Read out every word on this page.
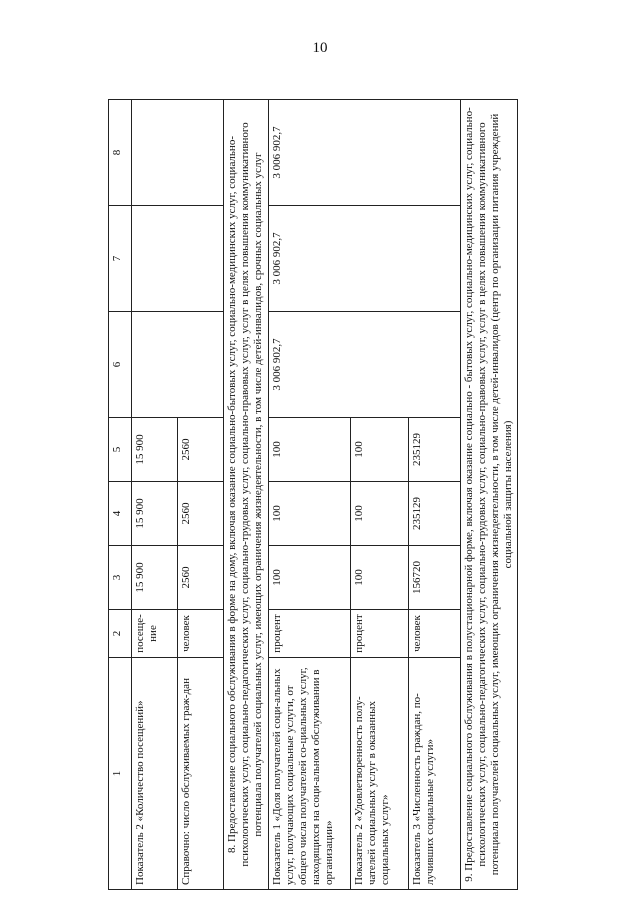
10
1	2	3	4	5	6	7	8
Показатель 2 «Количество посещений»	посеще-ние	15 900	15 900	15 900			
Справочно: число обслуживаемых граж-дан	человек	2560	2560	2560			
8. Предоставление социального обслуживания в форме на дому, включая оказание социально-бытовых услуг, социально-медицинских услуг, социально-психологических услуг, социально-педагогических услуг, социально-трудовых услуг, социально-правовых услуг, услуг в целях повышения коммуникативного потенциала получателей социальных услуг, имеющих ограничения жизнедеятельности, в том числе детей-инвалидов, срочных социальных услуг							
Показатель 1 «Доля получателей соци-альных услуг, получающих социальные услуги, от общего числа получателей со-циальных услуг, находящихся на соци-альном обслуживании в организации»	процент	100	100	100	3 006 902,7	3 006 902,7	3 006 902,7
Показатель 2 «Удовлетворенность полу-чателей социальных услуг в оказанных социальных услуг»	процент	100	100	100			
Показатель 3 «Численность граждан, по-лучивших социальные услуги»	человек	156720	235129	235129			
9. Предоставление социального обслуживания в полустационарной форме, включая оказание социально - бытовых услуг, социально-медицинских услуг, социально-психологических услуг, социально-педагогических услуг, социально-трудовых услуг, социально-правовых услуг, услуг в целях повышения коммуникативного потенциала получателей социальных услуг, имеющих ограничения жизнедеятельности, в том числе детей-инвалидов (центр по организации питания учреждений социальной защиты населения)							
